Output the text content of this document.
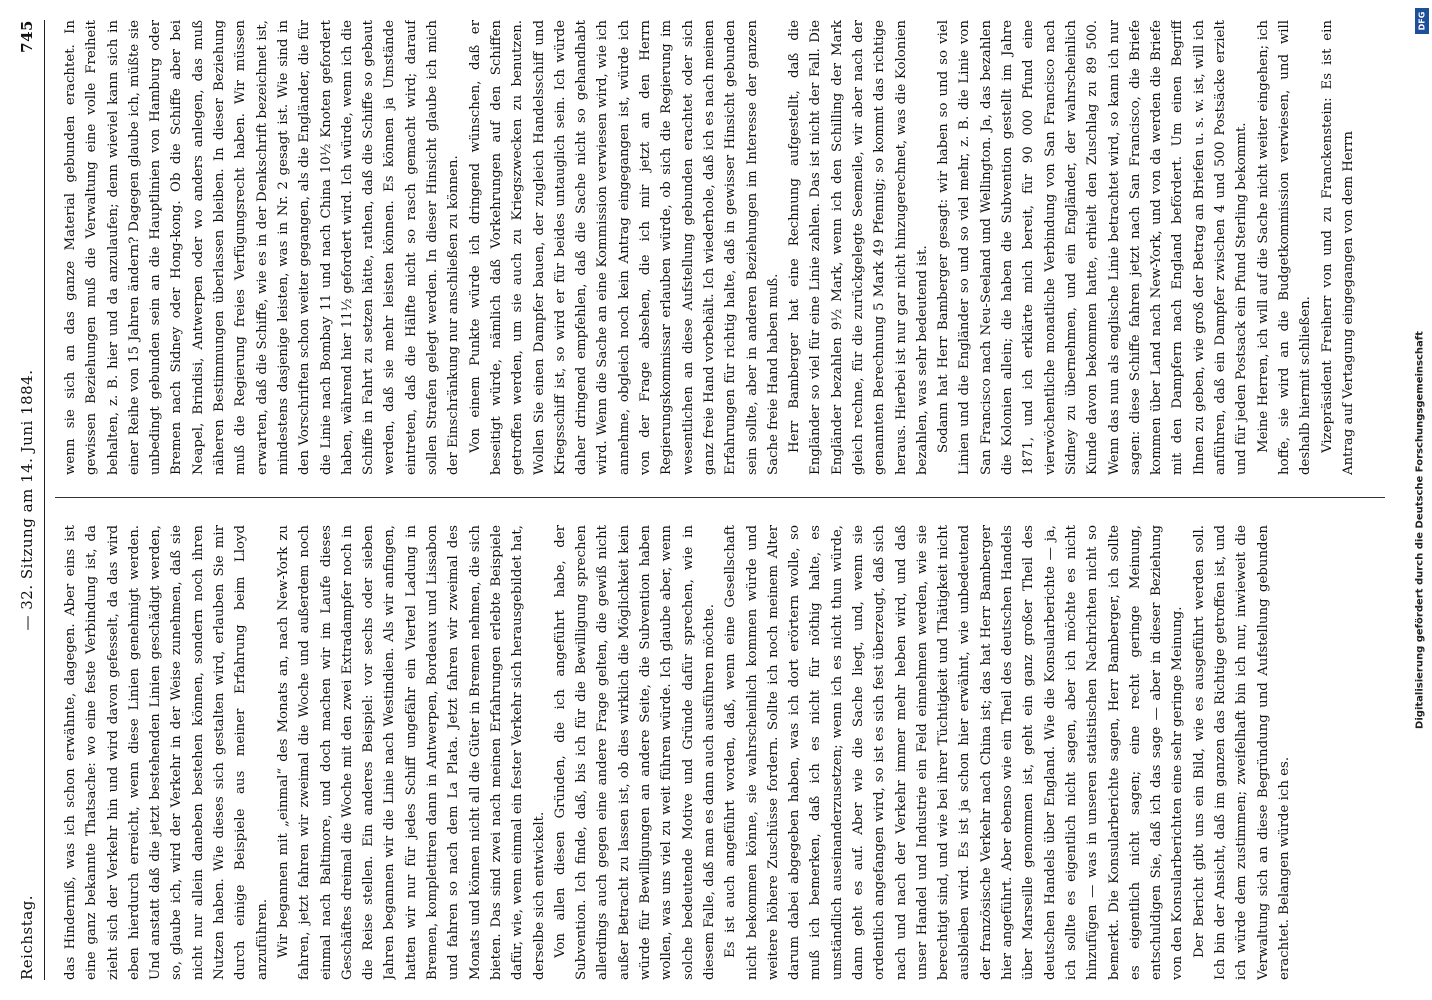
Reichstag.
— 32. Sitzung am 14. Juni 1884.
745

das Hinderniß, was ich schon erwähnte, dagegen. Aber eins ist eine ganz bekannte Thatsache: wo eine feste Verbindung ist, da zieht sich der Verkehr hin und wird davon gefesselt, da das wird eben hierdurch erreicht, wenn diese Linien genehmigt werden. Und anstatt daß die jetzt bestehenden Linien geschädigt werden, so, glaube ich, wird der Verkehr in der Weise zunehmen, daß sie nicht nur allein daneben bestehen können, sondern noch ihren Nutzen haben. Wie dieses sich gestalten wird, erlauben Sie mir durch einige Beispiele aus meiner Erfahrung beim Lloyd anzuführen. Wir begannen mit „einmal“ des Monats an, nach New-York zu fahren, jetzt fahren wir zweimal die Woche und außerdem noch einmal nach Baltimore, und doch machen wir im Laufe dieses Geschäftes dreimal die Woche mit den zwei Extradampfer noch in die Reise stellen. Ein anderes Beispiel: vor sechs oder sieben Jahren begannen wir die Linie nach Westindien. Als wir anfingen, hatten wir nur für jedes Schiff ungefähr ein Viertel Ladung in Bremen, komplettiren dann in Antwerpen, Bordeaux und Lissabon und fahren so nach dem La Plata. Jetzt fahren wir zweimal des Monats und können nicht all die Güter in Bremen nehmen, die sich bieten. Das sind zwei nach meinen Erfahrungen erlebte Beispiele dafür, wie, wenn einmal ein fester Verkehr sich herausgebildet hat, derselbe sich entwickelt. Von allen diesen Gründen, die ich angeführt habe, der Subvention. Ich finde, daß, bis ich für die Bewilligung sprechen allerdings auch gegen eine andere Frage gelten, die gewiß nicht außer Betracht zu lassen ist, ob dies wirklich die Möglichkeit kein würde für Bewilligungen an andere Seite, die Subvention haben wollen, was uns viel zu weit führen würde. Ich glaube aber, wenn solche bedeutende Motive und Gründe dafür sprechen, wie in diesem Falle, daß man es dann auch ausführen möchte. Es ist auch angeführt worden, daß, wenn eine Gesellschaft nicht bekommen könne, sie wahrscheinlich kommen würde und weitere höhere Zuschüsse fordern. Sollte ich noch meinem Alter darum dabei abgegeben haben, was ich dort erörtern wolle, so muß ich bemerken, daß ich es nicht für nöthig halte, es umständlich auseinanderzusetzen; wenn ich es nicht thun würde, dann geht es auf. Aber wie die Sache liegt, und, wenn sie ordentlich angefangen wird, so ist es sich fest überzeugt, daß sich nach und nach der Verkehr immer mehr heben wird, und daß unser Handel und Industrie ein Feld einnehmen werden, wie sie berechtigt sind, und wie bei ihrer Tüchtigkeit und Thätigkeit nicht ausbleiben wird. Es ist ja schon hier erwähnt, wie unbedeutend der französische Verkehr nach China ist; das hat Herr Bamberger hier angeführt. Aber ebenso wie ein Theil des deutschen Handels über Marseille genommen ist, geht ein ganz großer Theil des deutschen Handels über England. Wie die Konsularberichte — ja, ich sollte es eigentlich nicht sagen, aber ich möchte es nicht hinzufügen — was in unseren statistischen Nachrichten nicht so bemerkt. Die Konsularberichte sagen, Herr Bamberger, ich sollte es eigentlich nicht sagen; eine recht geringe Meinung, entschuldigen Sie, daß ich das sage — aber in dieser Beziehung von den Konsularberichten eine sehr geringe Meinung. Der Bericht gibt uns ein Bild, wie es ausgeführt werden soll. Ich bin der Ansicht, daß im ganzen das Richtige getroffen ist, und ich würde dem zustimmen; zweifelhaft bin ich nur, inwieweit die Verwaltung sich an diese Begründung und Aufstellung gebunden erachtet. Belangen würde ich es.

wenn sie sich an das ganze Material gebunden erachtet. In gewissen Beziehungen muß die Verwaltung eine volle Freiheit behalten, z. B. hier und da anzulaufen; denn wieviel kann sich in einer Reihe von 15 Jahren ändern? Dagegen glaube ich, müßte sie unbedingt gebunden sein an die Hauptlinien von Hamburg oder Bremen nach Sidney oder Hong-kong. Ob die Schiffe aber bei Neapel, Brindisi, Antwerpen oder wo anders anlegen, das muß näheren Bestimmungen überlassen bleiben. In dieser Beziehung muß die Regierung freies Verfügungsrecht haben. Wir müssen erwarten, daß die Schiffe, wie es in der Denkschrift bezeichnet ist, mindestens dasjenige leisten, was in Nr. 2 gesagt ist. Wie sind in den Vorschriften schon weiter gegangen, als die Engländer, die für die Linie nach Bombay 11 und nach China 10½ Knoten gefordert haben, während hier 11½ gefordert wird. Ich würde, wenn ich die Schiffe in Fahrt zu setzen hätte, rathen, daß die Schiffe so gebaut werden, daß sie mehr leisten können. Es können ja Umstände eintreten, daß die Hälfte nicht so rasch gemacht wird; darauf sollen Strafen gelegt werden. In dieser Hinsicht glaube ich mich der Einschränkung nur anschließen zu können. Von einem Punkte würde ich dringend wünschen, daß er beseitigt würde, nämlich daß Vorkehrungen auf den Schiffen getroffen werden, um sie auch zu Kriegszwecken zu benutzen. Wollen Sie einen Dampfer bauen, der zugleich Handelsschiff und Kriegsschiff ist, so wird er für beides untauglich sein. Ich würde daher dringend empfehlen, daß die Sache nicht so gehandhabt wird. Wenn die Sache an eine Kommission verwiesen wird, wie ich annehme, obgleich noch kein Antrag eingegangen ist, würde ich von der Frage absehen, die ich mir jetzt an den Herrn Regierungskommissar erlauben würde, ob sich die Regierung im wesentlichen an diese Aufstellung gebunden erachtet oder sich ganz freie Hand vorbehält. Ich wiederhole, daß ich es nach meinen Erfahrungen für richtig halte, daß in gewisser Hinsicht gebunden sein sollte, aber in anderen Beziehungen im Interesse der ganzen Sache freie Hand haben muß. Herr Bamberger hat eine Rechnung aufgestellt, daß die Engländer so viel für eine Linie zahlen. Das ist nicht der Fall. Die Engländer bezahlen 9½ Mark, wenn ich den Schilling der Mark gleich rechne, für die zurückgelegte Seemeile, wir aber nach der genannten Berechnung 5 Mark 49 Pfennig; so kommt das richtige heraus. Hierbei ist nur gar nicht hinzugerechnet, was die Kolonien bezahlen, was sehr bedeutend ist. Sodann hat Herr Bamberger gesagt: wir haben so und so viel Linien und die Engländer so und so viel mehr, z. B. die Linie von San Francisco nach Neu-Seeland und Wellington. Ja, das bezahlen die Kolonien allein; die haben die Subvention gestellt im Jahre 1871, und ich erklärte mich bereit, für 90 000 Pfund eine vierwöchentliche monatliche Verbindung von San Francisco nach Sidney zu übernehmen, und ein Engländer, der wahrscheinlich Kunde davon bekommen hatte, erhielt den Zuschlag zu 89 500. Wenn das nun als englische Linie betrachtet wird, so kann ich nur sagen: diese Schiffe fahren jetzt nach San Francisco, die Briefe kommen über Land nach New-York, und von da werden die Briefe mit den Dampfern nach England befördert. Um einen Begriff Ihnen zu geben, wie groß der Betrag an Briefen u. s. w. ist, will ich anführen, daß ein Dampfer zwischen 4 und 500 Postsäcke erzielt und für jeden Postsack ein Pfund Sterling bekommt. Meine Herren, ich will auf die Sache nicht weiter eingehen; ich hoffe, sie wird an die Budgetkommission verwiesen, und will deshalb hiermit schließen. Vizepräsident Freiherr von und zu Franckenstein: Es ist ein Antrag auf Vertagung eingegangen von dem Herrn

DFG
Digitalisierung gefördert durch die Deutsche Forschungsgemeinschaft
